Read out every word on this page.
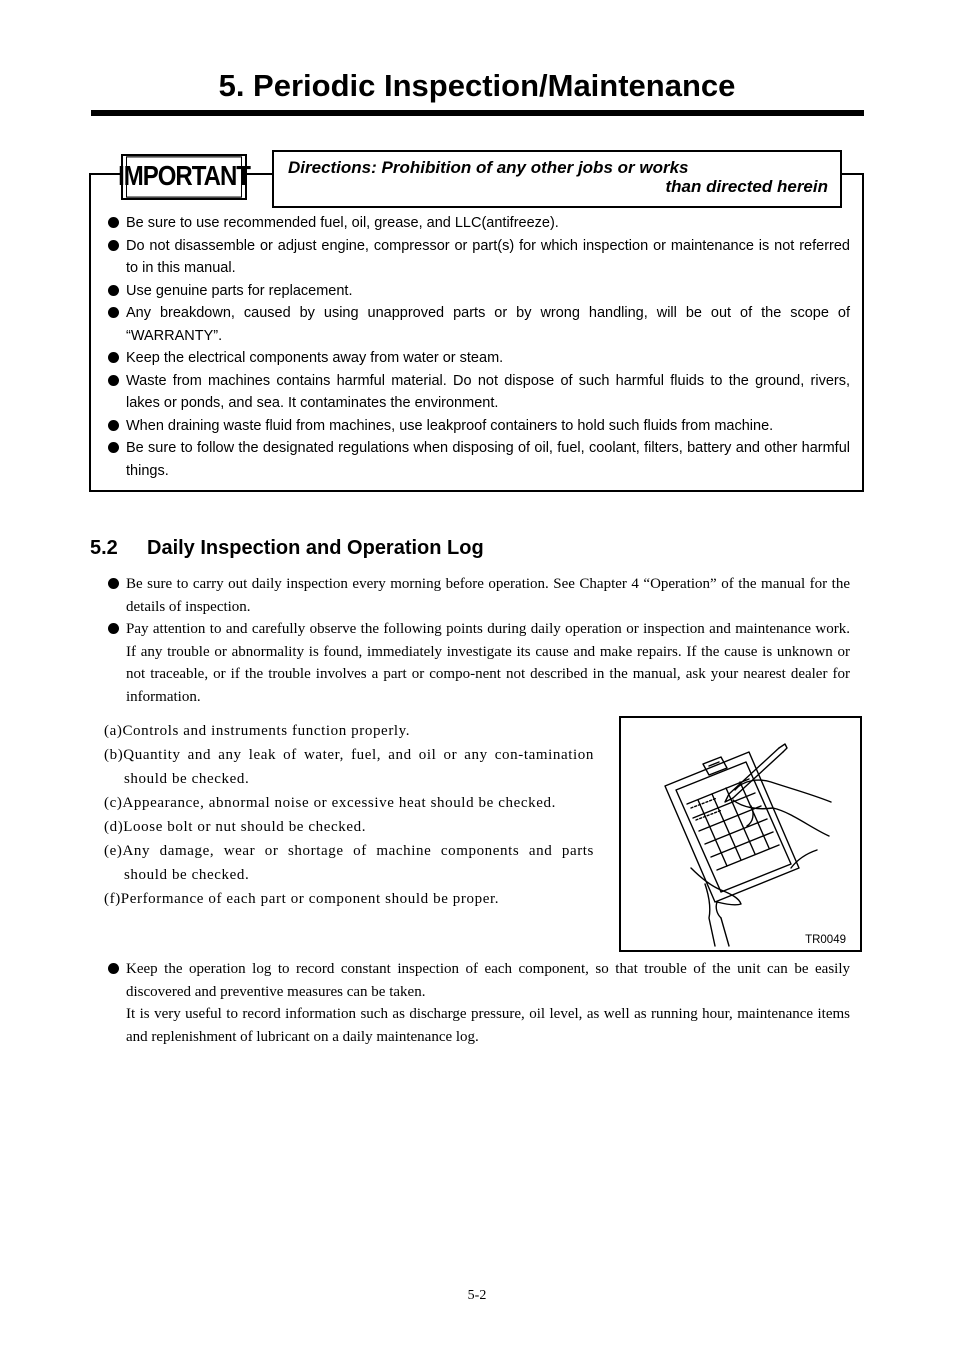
5. Periodic Inspection/Maintenance
IMPORTANT Directions: Prohibition of any other jobs or works
than directed herein
Be sure to use recommended fuel, oil, grease, and LLC(antifreeze).
Do not disassemble or adjust engine, compressor or part(s) for which inspection or maintenance is not referred to in this manual.
Use genuine parts for replacement.
Any breakdown, caused by using unapproved parts or by wrong handling, will be out of the scope of “WARRANTY”.
Keep the electrical components away from water or steam.
Waste from machines contains harmful material. Do not dispose of such harmful fluids to the ground, rivers, lakes or ponds, and sea. It contaminates the environment.
When draining waste fluid from machines, use leakproof containers to hold such fluids from machine.
Be sure to follow the designated regulations when disposing of oil, fuel, coolant, filters, battery and other harmful things.
5.2 Daily Inspection and Operation Log
Be sure to carry out daily inspection every morning before operation. See Chapter 4 “Operation” of the manual for the details of inspection.
Pay attention to and carefully observe the following points during daily operation or inspection and maintenance work. If any trouble or abnormality is found, immediately investigate its cause and make repairs. If the cause is unknown or not traceable, or if the trouble involves a part or compo-nent not described in the manual, ask your nearest dealer for information.
(a)Controls and instruments function properly.
(b)Quantity and any leak of water, fuel, and oil or any con-tamination should be checked.
(c)Appearance, abnormal noise or excessive heat should be checked.
(d)Loose bolt or nut should be checked.
(e)Any damage, wear or shortage of machine components and parts should be checked.
(f)Performance of each part or component should be proper.
TR0049
Keep the operation log to record constant inspection of each component, so that trouble of the unit can be easily discovered and preventive measures can be taken.
It is very useful to record information such as discharge pressure, oil level, as well as running hour, maintenance items and replenishment of lubricant on a daily maintenance log.
5-2
